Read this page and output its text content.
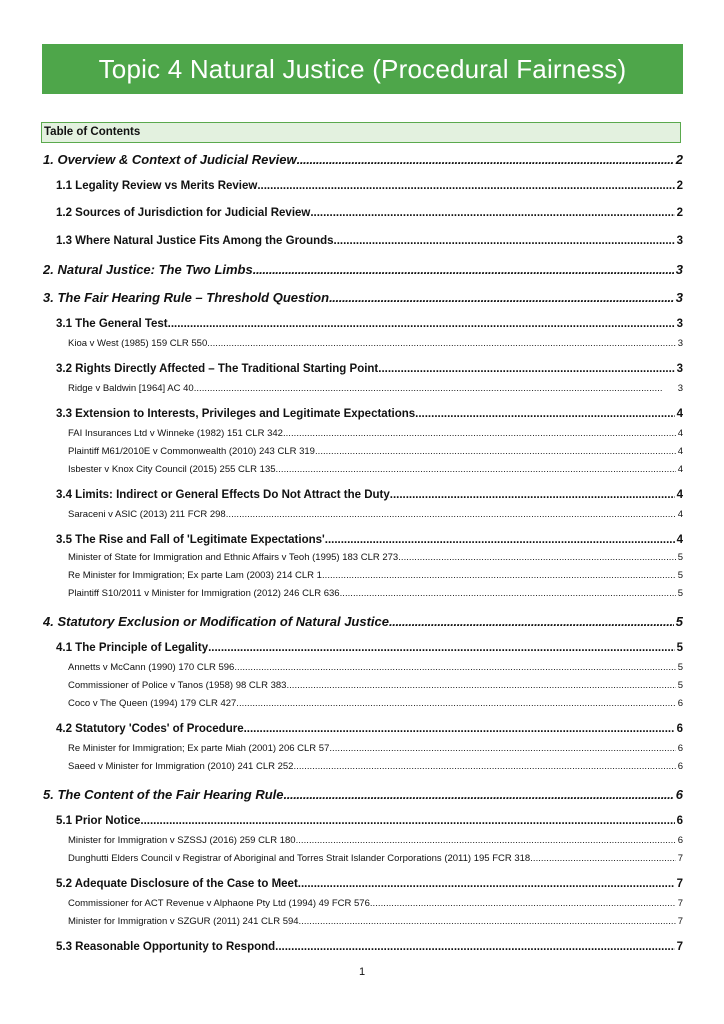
Topic 4 Natural Justice (Procedural Fairness)
Table of Contents
1. Overview & Context of Judicial Review . . .	2
1.1 Legality Review vs Merits Review . . .	2
1.2 Sources of Jurisdiction for Judicial Review . . .	2
1.3 Where Natural Justice Fits Among the Grounds . . .	3
2. Natural Justice: The Two Limbs . . .	3
3. The Fair Hearing Rule – Threshold Question . . .	3
3.1 The General Test . . .	3
Kioa v West (1985) 159 CLR 550 . . .	3
3.2 Rights Directly Affected – The Traditional Starting Point . . .	3
Ridge v Baldwin [1964] AC 40 . . .	3
3.3 Extension to Interests, Privileges and Legitimate Expectations . . .	4
FAI Insurances Ltd v Winneke (1982) 151 CLR 342 . . .	4
Plaintiff M61/2010E v Commonwealth (2010) 243 CLR 319 . . .	4
Isbester v Knox City Council (2015) 255 CLR 135 . . .	4
3.4 Limits: Indirect or General Effects Do Not Attract the Duty . . .	4
Saraceni v ASIC (2013) 211 FCR 298 . . .	4
3.5 The Rise and Fall of 'Legitimate Expectations' . . .	4
Minister of State for Immigration and Ethnic Affairs v Teoh (1995) 183 CLR 273 . . .	5
Re Minister for Immigration; Ex parte Lam (2003) 214 CLR 1 . . .	5
Plaintiff S10/2011 v Minister for Immigration (2012) 246 CLR 636 . . .	5
4. Statutory Exclusion or Modification of Natural Justice . . .	5
4.1 The Principle of Legality . . .	5
Annetts v McCann (1990) 170 CLR 596 . . .	5
Commissioner of Police v Tanos (1958) 98 CLR 383 . . .	5
Coco v The Queen (1994) 179 CLR 427 . . .	6
4.2 Statutory 'Codes' of Procedure . . .	6
Re Minister for Immigration; Ex parte Miah (2001) 206 CLR 57 . . .	6
Saeed v Minister for Immigration (2010) 241 CLR 252 . . .	6
5. The Content of the Fair Hearing Rule . . .	6
5.1 Prior Notice . . .	6
Minister for Immigration v SZSSJ (2016) 259 CLR 180 . . .	6
Dunghutti Elders Council v Registrar of Aboriginal and Torres Strait Islander Corporations (2011) 195 FCR 318 . . .	7
5.2 Adequate Disclosure of the Case to Meet . . .	7
Commissioner for ACT Revenue v Alphaone Pty Ltd (1994) 49 FCR 576 . . .	7
Minister for Immigration v SZGUR (2011) 241 CLR 594 . . .	7
5.3 Reasonable Opportunity to Respond . . .	7
1
